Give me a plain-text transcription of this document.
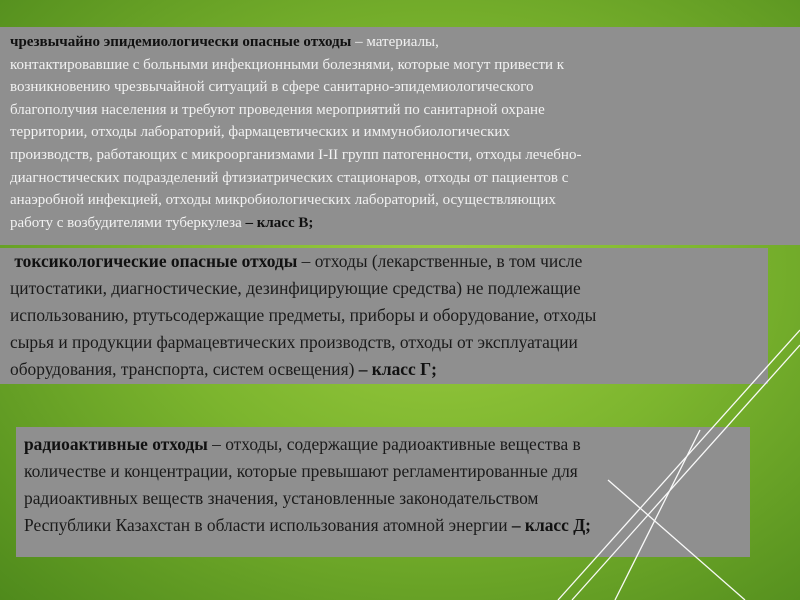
чрезвычайно эпидемиологически опасные отходы – материалы,

контактировавшие с больными инфекционными болезнями, которые могут привести к

возникновению чрезвычайной ситуаций в сфере санитарно-эпидемиологического

благополучия населения и требуют проведения мероприятий по санитарной охране

территории, отходы лабораторий, фармацевтических и иммунобиологических

производств, работающих с микроорганизмами I-II групп патогенности, отходы лечебно-

диагностических подразделений фтизиатрических стационаров, отходы от пациентов с

анаэробной инфекцией, отходы микробиологических лабораторий, осуществляющих

работу с возбудителями туберкулеза – класс В;

токсикологические опасные отходы – отходы (лекарственные, в том числе

цитостатики, диагностические, дезинфицирующие средства) не подлежащие

использованию, ртутьсодержащие предметы, приборы и оборудование, отходы

сырья и продукции фармацевтических производств, отходы от эксплуатации

оборудования, транспорта, систем освещения) – класс Г;

радиоактивные отходы – отходы, содержащие радиоактивные вещества в

количестве и концентрации, которые превышают регламентированные для

радиоактивных веществ значения, установленные законодательством

Республики Казахстан в области использования атомной энергии – класс Д;
